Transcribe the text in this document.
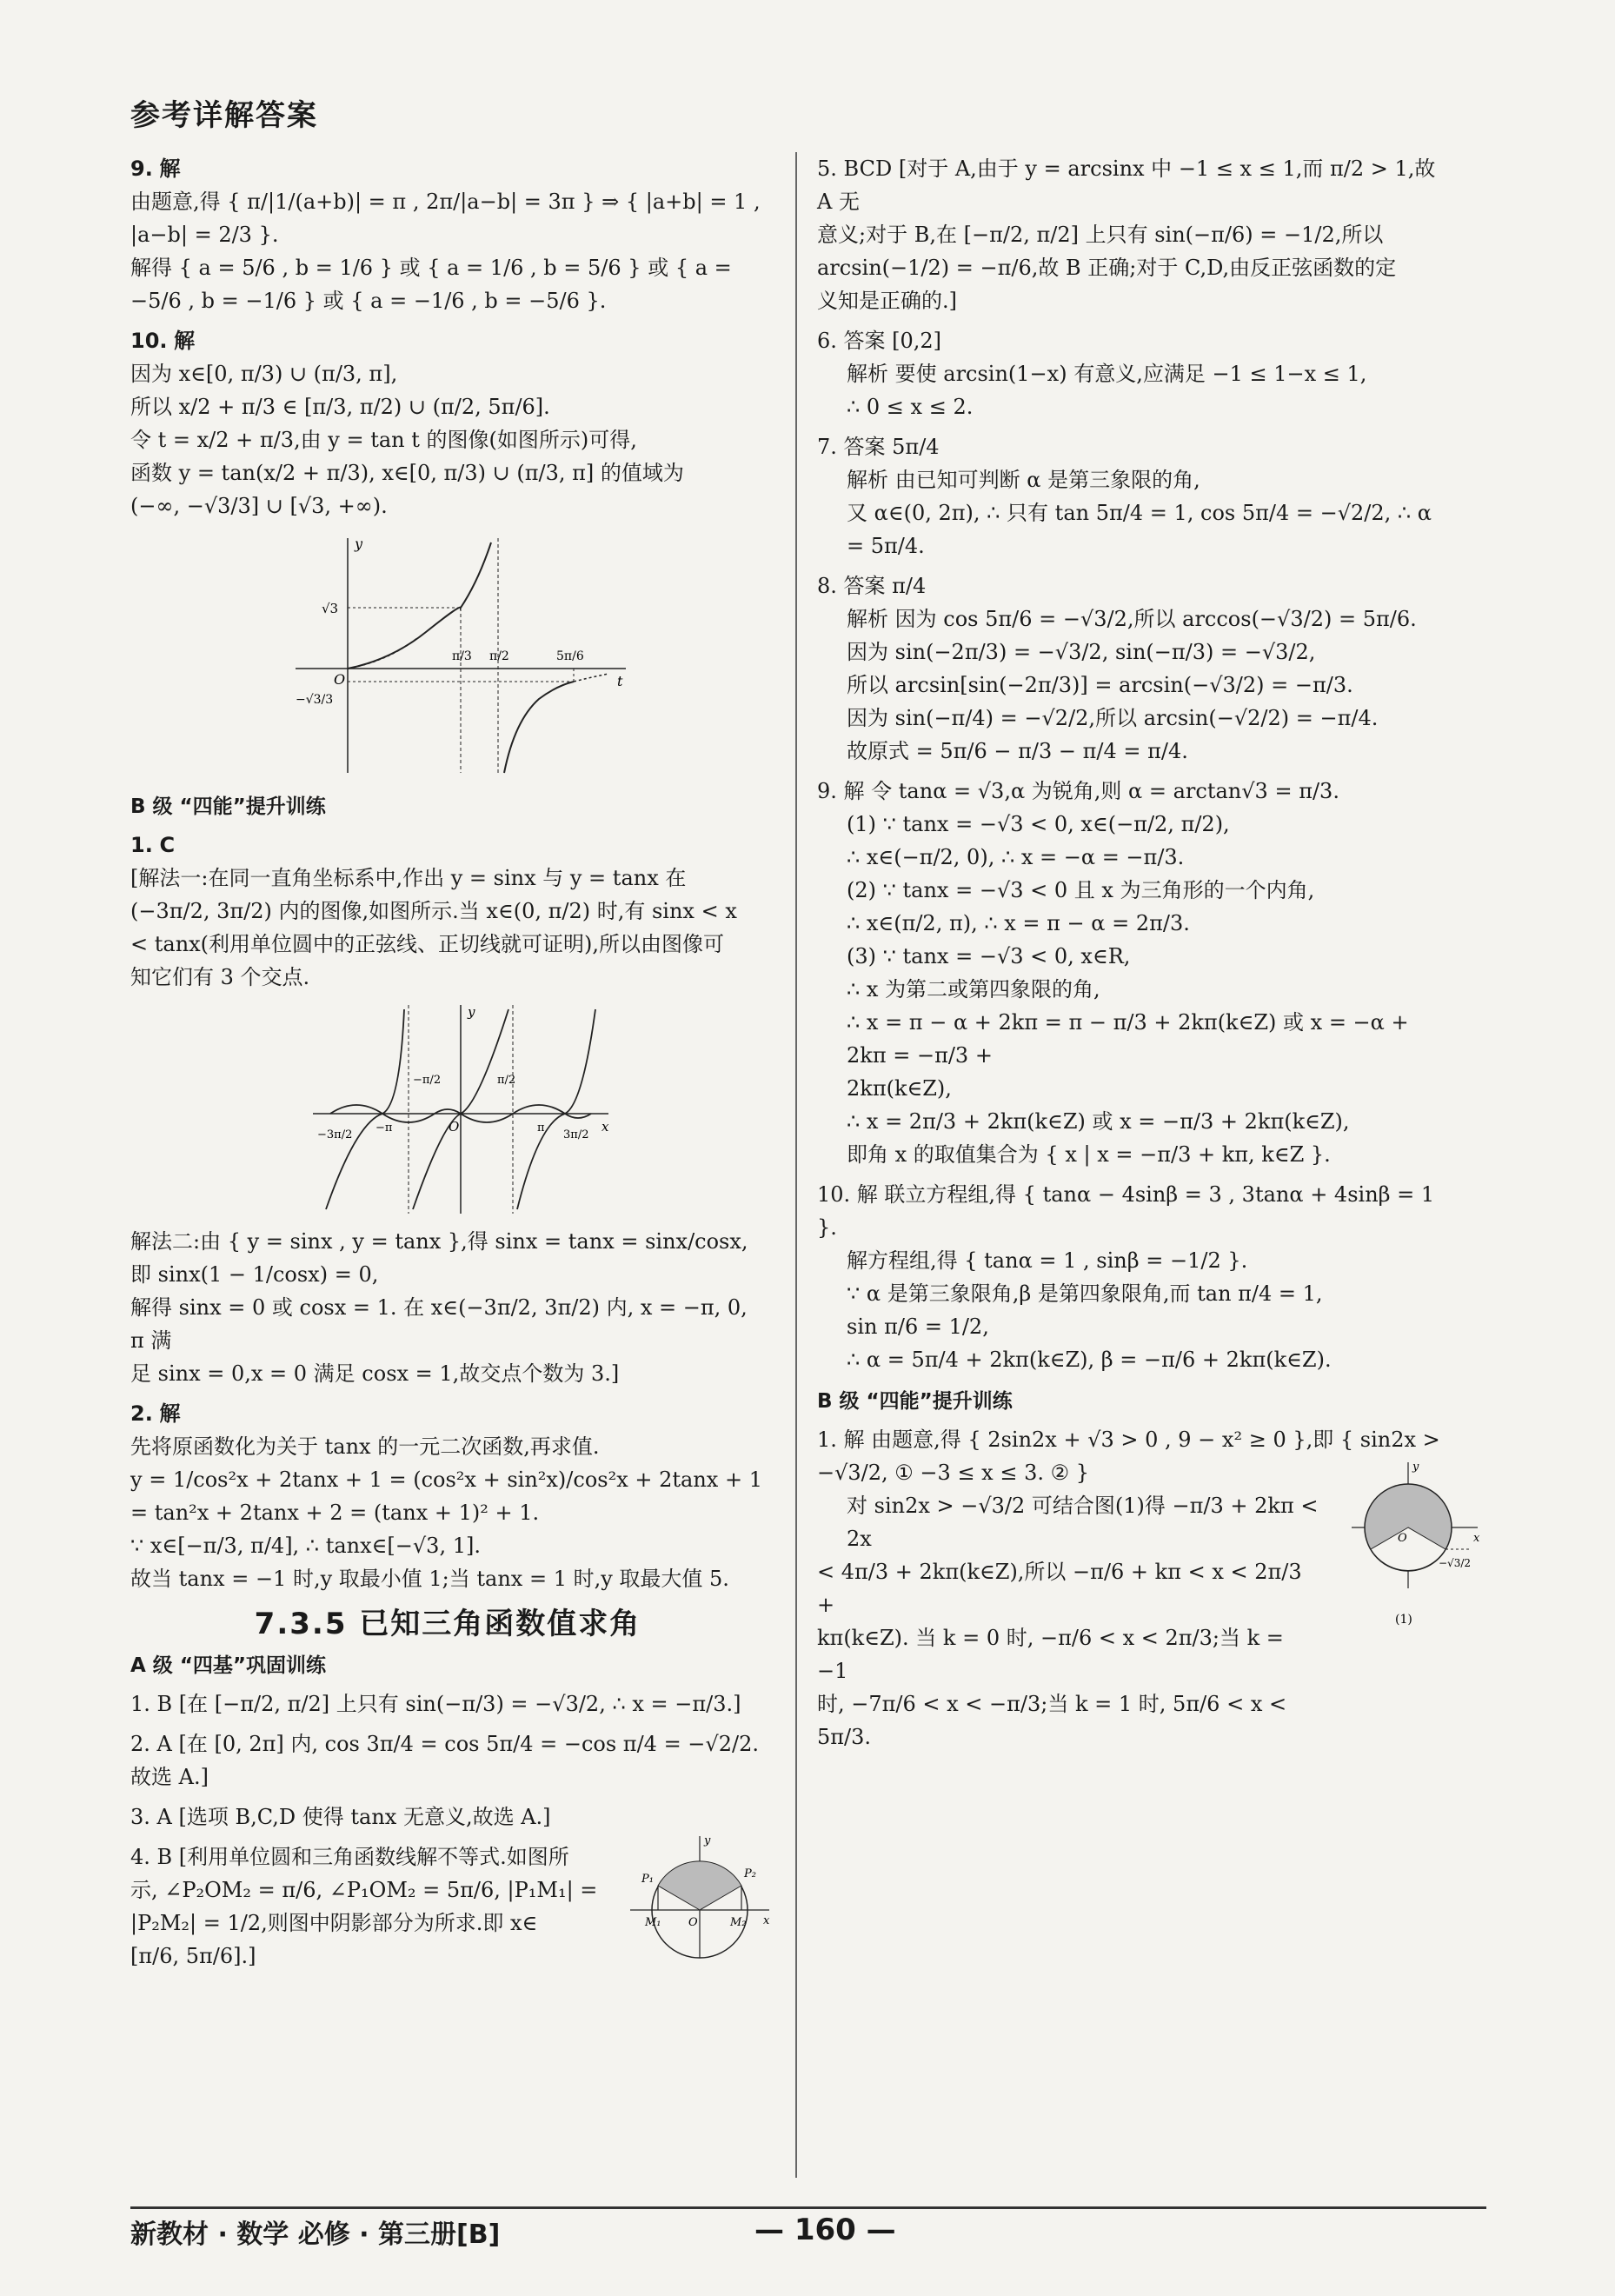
参考详解答案
9. 解
由题意,得 { π/|1/(a+b)| = π , 2π/|a−b| = 3π } ⇒ { |a+b| = 1 , |a−b| = 2/3 }.
解得 { a = 5/6 , b = 1/6 } 或 { a = 1/6 , b = 5/6 } 或 { a = −5/6 , b = −1/6 } 或 { a = −1/6 , b = −5/6 }.
10. 解
因为 x∈[0, π/3) ∪ (π/3, π],
所以 x/2 + π/3 ∈ [π/3, π/2) ∪ (π/2, 5π/6].
令 t = x/2 + π/3,由 y = tan t 的图像(如图所示)可得,
函数 y = tan(x/2 + π/3), x∈[0, π/3) ∪ (π/3, π] 的值域为
(−∞, −√3/3] ∪ [√3, +∞).
y
t
O
√3
−√3/3
π/3 π/2	5π/6
B 级 “四能”提升训练
1. C
[解法一:在同一直角坐标系中,作出 y = sinx 与 y = tanx 在
(−3π/2, 3π/2) 内的图像,如图所示.当 x∈(0, π/2) 时,有 sinx < x
< tanx(利用单位圆中的正弦线、正切线就可证明),所以由图像可
知它们有 3 个交点.
y
x
O
−3π/2
−π
−π/2	π/2
π
3π/2
解法二:由 { y = sinx , y = tanx },得 sinx = tanx = sinx/cosx,即 sinx(1 − 1/cosx) = 0,
解得 sinx = 0 或 cosx = 1. 在 x∈(−3π/2, 3π/2) 内, x = −π, 0, π 满
足 sinx = 0,x = 0 满足 cosx = 1,故交点个数为 3.]
2. 解
先将原函数化为关于 tanx 的一元二次函数,再求值.
y = 1/cos²x + 2tanx + 1 = (cos²x + sin²x)/cos²x + 2tanx + 1
= tan²x + 2tanx + 2 = (tanx + 1)² + 1.
∵ x∈[−π/3, π/4], ∴ tanx∈[−√3, 1].
故当 tanx = −1 时,y 取最小值 1;当 tanx = 1 时,y 取最大值 5.
7.3.5 已知三角函数值求角
A 级 “四基”巩固训练
1. B [在 [−π/2, π/2] 上只有 sin(−π/3) = −√3/2, ∴ x = −π/3.]
2. A [在 [0, 2π] 内, cos 3π/4 = cos 5π/4 = −cos π/4 = −√2/2. 故选 A.]
3. A [选项 B,C,D 使得 tanx 无意义,故选 A.]
4. B [利用单位圆和三角函数线解不等式.如图所
示, ∠P₂OM₂ = π/6, ∠P₁OM₂ = 5π/6, |P₁M₁| =
|P₂M₂| = 1/2,则图中阴影部分为所求.即 x∈
[π/6, 5π/6].]
y
x
P₁	P₂
M₁	M₂
O
5. BCD [对于 A,由于 y = arcsinx 中 −1 ≤ x ≤ 1,而 π/2 > 1,故 A 无
意义;对于 B,在 [−π/2, π/2] 上只有 sin(−π/6) = −1/2,所以
arcsin(−1/2) = −π/6,故 B 正确;对于 C,D,由反正弦函数的定
义知是正确的.]
6. 答案 [0,2]
解析 要使 arcsin(1−x) 有意义,应满足 −1 ≤ 1−x ≤ 1,
∴ 0 ≤ x ≤ 2.
7. 答案 5π/4
解析 由已知可判断 α 是第三象限的角,
又 α∈(0, 2π), ∴ 只有 tan 5π/4 = 1, cos 5π/4 = −√2/2, ∴ α = 5π/4.
8. 答案 π/4
解析 因为 cos 5π/6 = −√3/2,所以 arccos(−√3/2) = 5π/6.
因为 sin(−2π/3) = −√3/2, sin(−π/3) = −√3/2,
所以 arcsin[sin(−2π/3)] = arcsin(−√3/2) = −π/3.
因为 sin(−π/4) = −√2/2,所以 arcsin(−√2/2) = −π/4.
故原式 = 5π/6 − π/3 − π/4 = π/4.
9. 解 令 tanα = √3,α 为锐角,则 α = arctan√3 = π/3.
(1) ∵ tanx = −√3 < 0, x∈(−π/2, π/2),
∴ x∈(−π/2, 0), ∴ x = −α = −π/3.
(2) ∵ tanx = −√3 < 0 且 x 为三角形的一个内角,
∴ x∈(π/2, π), ∴ x = π − α = 2π/3.
(3) ∵ tanx = −√3 < 0, x∈R,
∴ x 为第二或第四象限的角,
∴ x = π − α + 2kπ = π − π/3 + 2kπ(k∈Z) 或 x = −α + 2kπ = −π/3 +
2kπ(k∈Z),
∴ x = 2π/3 + 2kπ(k∈Z) 或 x = −π/3 + 2kπ(k∈Z),
即角 x 的取值集合为 { x | x = −π/3 + kπ, k∈Z }.
10. 解 联立方程组,得 { tanα − 4sinβ = 3 , 3tanα + 4sinβ = 1 }.
解方程组,得 { tanα = 1 , sinβ = −1/2 }.
∵ α 是第三象限角,β 是第四象限角,而 tan π/4 = 1,
sin π/6 = 1/2,
∴ α = 5π/4 + 2kπ(k∈Z), β = −π/6 + 2kπ(k∈Z).
B 级 “四能”提升训练
1. 解 由题意,得 { 2sin2x + √3 > 0 , 9 − x² ≥ 0 },即 { sin2x > −√3/2, ① −3 ≤ x ≤ 3. ② }
对 sin2x > −√3/2 可结合图(1)得 −π/3 + 2kπ < 2x
< 4π/3 + 2kπ(k∈Z),所以 −π/6 + kπ < x < 2π/3 +
kπ(k∈Z). 当 k = 0 时, −π/6 < x < 2π/3;当 k = −1
时, −7π/6 < x < −π/3;当 k = 1 时, 5π/6 < x < 5π/3.
y
x
O
−√3/2
(1)
新教材 · 数学 必修 · 第三册[B]	— 160 —
